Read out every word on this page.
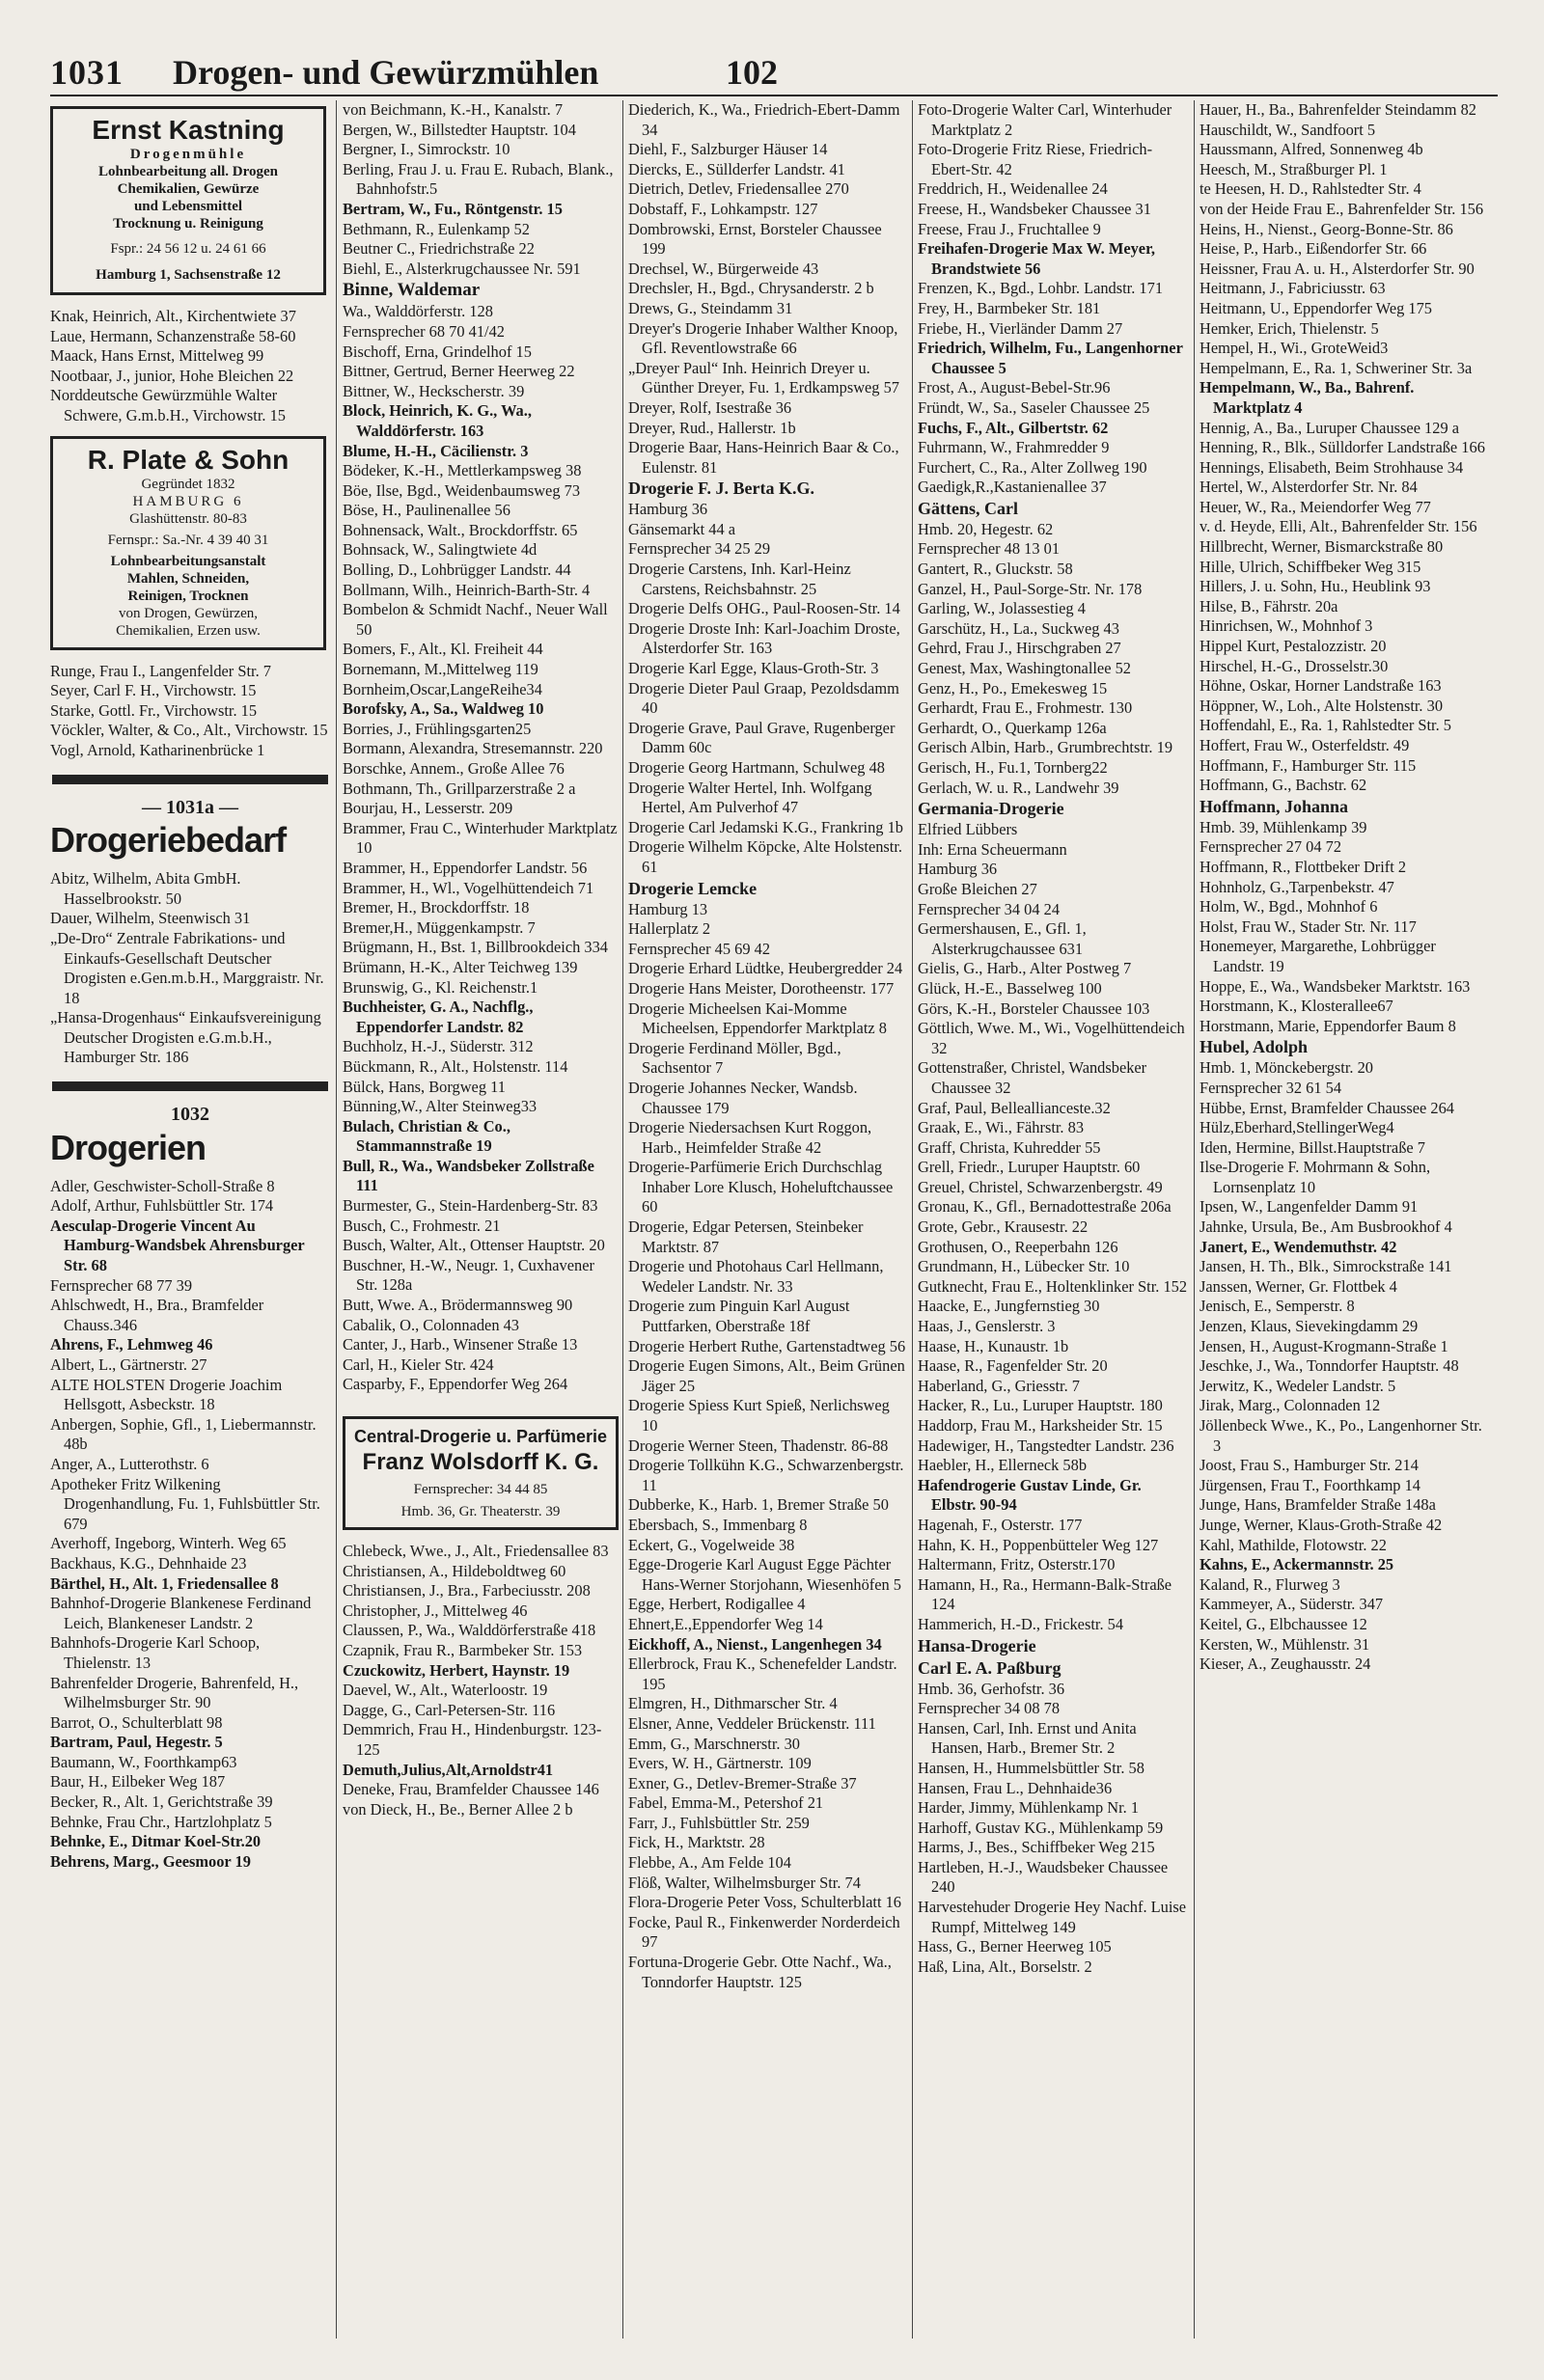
1031 Drogen- und Gewürzmühlen	102
Ernst Kastning
Drogenmühle
Lohnbearbeitung all. Drogen
Chemikalien, Gewürze
und Lebensmittel
Trocknung u. Reinigung
Fspr.: 24 56 12 u. 24 61 66
Hamburg 1, Sachsenstraße 12
Knak, Heinrich, Alt., Kirchentwiete 37
Laue, Hermann, Schanzenstraße 58-60
Maack, Hans Ernst, Mittelweg 99
Nootbaar, J., junior, Hohe Bleichen 22
Norddeutsche Gewürzmühle Walter Schwere, G.m.b.H., Virchowstr. 15
R. Plate & Sohn
Gegründet 1832
HAMBURG 6
Glashüttenstr. 80-83
Fernspr.: Sa.-Nr. 4 39 40 31
Lohnbearbeitungsanstalt
Mahlen, Schneiden,
Reinigen, Trocknen
von Drogen, Gewürzen,
Chemikalien, Erzen usw.
Runge, Frau I., Langenfelder Str. 7
Seyer, Carl F. H., Virchowstr. 15
Starke, Gottl. Fr., Virchowstr. 15
Vöckler, Walter, & Co., Alt., Virchowstr. 15
Vogl, Arnold, Katharinenbrücke 1
— 1031a —
Drogeriebedarf
Abitz, Wilhelm, Abita GmbH. Hasselbrookstr. 50
Dauer, Wilhelm, Steenwisch 31
„De-Dro“ Zentrale Fabrikations- und Einkaufs-Gesellschaft Deutscher Drogisten e.Gen.m.b.H., Marggraistr. Nr. 18
„Hansa-Drogenhaus“ Einkaufsvereinigung Deutscher Drogisten e.G.m.b.H., Hamburger Str. 186
1032
Drogerien
Adler, Geschwister-Scholl-Straße 8
Adolf, Arthur, Fuhlsbüttler Str. 174
Aesculap-Drogerie Vincent Au Hamburg-Wandsbek Ahrensburger Str. 68
Fernsprecher 68 77 39
Ahlschwedt, H., Bra., Bramfelder Chauss.346
Ahrens, F., Lehmweg 46
Albert, L., Gärtnerstr. 27
ALTE HOLSTEN Drogerie Joachim Hellsgott, Asbeckstr. 18
Anbergen, Sophie, Gfl., 1, Liebermannstr. 48b
Anger, A., Lutterothstr. 6
Apotheker Fritz Wilkening Drogenhandlung, Fu. 1, Fuhlsbüttler Str. 679
Averhoff, Ingeborg, Winterh. Weg 65
Backhaus, K.G., Dehnhaide 23
Bärthel, H., Alt. 1, Friedensallee 8
Bahnhof-Drogerie Blankenese Ferdinand Leich, Blankeneser Landstr. 2
Bahnhofs-Drogerie Karl Schoop, Thielenstr. 13
Bahrenfelder Drogerie, Bahrenfeld, H., Wilhelmsburger Str. 90
Barrot, O., Schulterblatt 98
Bartram, Paul, Hegestr. 5
Baumann, W., Foorthkamp63
Baur, H., Eilbeker Weg 187
Becker, R., Alt. 1, Gerichtstraße 39
Behnke, Frau Chr., Hartzlohplatz 5
Behnke, E., Ditmar Koel-Str.20
Behrens, Marg., Geesmoor 19
von Beichmann, K.-H., Kanalstr. 7
Bergen, W., Billstedter Hauptstr. 104
Bergner, I., Simrockstr. 10
Berling, Frau J. u. Frau E. Rubach, Blank., Bahnhofstr.5
Bertram, W., Fu., Röntgenstr. 15
Bethmann, R., Eulenkamp 52
Beutner C., Friedrichstraße 22
Biehl, E., Alsterkrugchaussee Nr. 591
Binne, Waldemar
Wa., Walddörferstr. 128
Fernsprecher 68 70 41/42
Bischoff, Erna, Grindelhof 15
Bittner, Gertrud, Berner Heerweg 22
Bittner, W., Heckscherstr. 39
Block, Heinrich, K. G., Wa., Walddörferstr. 163
Blume, H.-H., Cäcilienstr. 3
Bödeker, K.-H., Mettlerkampsweg 38
Böe, Ilse, Bgd., Weidenbaumsweg 73
Böse, H., Paulinenallee 56
Bohnensack, Walt., Brockdorffstr. 65
Bohnsack, W., Salingtwiete 4d
Bolling, D., Lohbrügger Landstr. 44
Bollmann, Wilh., Heinrich-Barth-Str. 4
Bombelon & Schmidt Nachf., Neuer Wall 50
Bomers, F., Alt., Kl. Freiheit 44
Bornemann, M.,Mittelweg 119
Bornheim,Oscar,LangeReihe34
Borofsky, A., Sa., Waldweg 10
Borries, J., Frühlingsgarten25
Bormann, Alexandra, Stresemannstr. 220
Borschke, Annem., Große Allee 76
Bothmann, Th., Grillparzerstraße 2 a
Bourjau, H., Lesserstr. 209
Brammer, Frau C., Winterhuder Marktplatz 10
Brammer, H., Eppendorfer Landstr. 56
Brammer, H., Wl., Vogelhüttendeich 71
Bremer, H., Brockdorffstr. 18
Bremer,H., Müggenkampstr. 7
Brügmann, H., Bst. 1, Billbrookdeich 334
Brümann, H.-K., Alter Teichweg 139
Brunswig, G., Kl. Reichenstr.1
Buchheister, G. A., Nachflg., Eppendorfer Landstr. 82
Buchholz, H.-J., Süderstr. 312
Bückmann, R., Alt., Holstenstr. 114
Bülck, Hans, Borgweg 11
Bünning,W., Alter Steinweg33
Bulach, Christian & Co., Stammannstraße 19
Bull, R., Wa., Wandsbeker Zollstraße 111
Burmester, G., Stein-Hardenberg-Str. 83
Busch, C., Frohmestr. 21
Busch, Walter, Alt., Ottenser Hauptstr. 20
Buschner, H.-W., Neugr. 1, Cuxhavener Str. 128a
Butt, Wwe. A., Brödermannsweg 90
Cabalik, O., Colonnaden 43
Canter, J., Harb., Winsener Straße 13
Carl, H., Kieler Str. 424
Casparby, F., Eppendorfer Weg 264
Central-Drogerie u. Parfümerie
Franz Wolsdorff K. G.
Fernsprecher: 34 44 85
Hmb. 36, Gr. Theaterstr. 39
Chlebeck, Wwe., J., Alt., Friedensallee 83
Christiansen, A., Hildeboldtweg 60
Christiansen, J., Bra., Farbeciusstr. 208
Christopher, J., Mittelweg 46
Claussen, P., Wa., Walddörferstraße 418
Czapnik, Frau R., Barmbeker Str. 153
Czuckowitz, Herbert, Haynstr. 19
Daevel, W., Alt., Waterloostr. 19
Dagge, G., Carl-Petersen-Str. 116
Demmrich, Frau H., Hindenburgstr. 123-125
Demuth,Julius,Alt,Arnoldstr41
Deneke, Frau, Bramfelder Chaussee 146
von Dieck, H., Be., Berner Allee 2 b
Diederich, K., Wa., Friedrich-Ebert-Damm 34
Diehl, F., Salzburger Häuser 14
Diercks, E., Süllderfer Landstr. 41
Dietrich, Detlev, Friedensallee 270
Dobstaff, F., Lohkampstr. 127
Dombrowski, Ernst, Borsteler Chaussee 199
Drechsel, W., Bürgerweide 43
Drechsler, H., Bgd., Chrysanderstr. 2 b
Drews, G., Steindamm 31
Dreyer's Drogerie Inhaber Walther Knoop, Gfl. Reventlowstraße 66
„Dreyer Paul“ Inh. Heinrich Dreyer u. Günther Dreyer, Fu. 1, Erdkampsweg 57
Dreyer, Rolf, Isestraße 36
Dreyer, Rud., Hallerstr. 1b
Drogerie Baar, Hans-Heinrich Baar & Co., Eulenstr. 81
Drogerie F. J. Berta K.G.
Hamburg 36
Gänsemarkt 44 a
Fernsprecher 34 25 29
Drogerie Carstens, Inh. Karl-Heinz Carstens, Reichsbahnstr. 25
Drogerie Delfs OHG., Paul-Roosen-Str. 14
Drogerie Droste Inh: Karl-Joachim Droste, Alsterdorfer Str. 163
Drogerie Karl Egge, Klaus-Groth-Str. 3
Drogerie Dieter Paul Graap, Pezoldsdamm 40
Drogerie Grave, Paul Grave, Rugenberger Damm 60c
Drogerie Georg Hartmann, Schulweg 48
Drogerie Walter Hertel, Inh. Wolfgang Hertel, Am Pulverhof 47
Drogerie Carl Jedamski K.G., Frankring 1b
Drogerie Wilhelm Köpcke, Alte Holstenstr. 61
Drogerie Lemcke
Hamburg 13
Hallerplatz 2
Fernsprecher 45 69 42
Drogerie Erhard Lüdtke, Heubergredder 24
Drogerie Hans Meister, Dorotheenstr. 177
Drogerie Micheelsen Kai-Momme Micheelsen, Eppendorfer Marktplatz 8
Drogerie Ferdinand Möller, Bgd., Sachsentor 7
Drogerie Johannes Necker, Wandsb. Chaussee 179
Drogerie Niedersachsen Kurt Roggon, Harb., Heimfelder Straße 42
Drogerie-Parfümerie Erich Durchschlag Inhaber Lore Klusch, Hoheluftchaussee 60
Drogerie, Edgar Petersen, Steinbeker Marktstr. 87
Drogerie und Photohaus Carl Hellmann, Wedeler Landstr. Nr. 33
Drogerie zum Pinguin Karl August Puttfarken, Oberstraße 18f
Drogerie Herbert Ruthe, Gartenstadtweg 56
Drogerie Eugen Simons, Alt., Beim Grünen Jäger 25
Drogerie Spiess Kurt Spieß, Nerlichsweg 10
Drogerie Werner Steen, Thadenstr. 86-88
Drogerie Tollkühn K.G., Schwarzenbergstr. 11
Dubberke, K., Harb. 1, Bremer Straße 50
Ebersbach, S., Immenbarg 8
Eckert, G., Vogelweide 38
Egge-Drogerie Karl August Egge Pächter Hans-Werner Storjohann, Wiesenhöfen 5
Egge, Herbert, Rodigallee 4
Ehnert,E.,Eppendorfer Weg 14
Eickhoff, A., Nienst., Langenhegen 34
Ellerbrock, Frau K., Schenefelder Landstr. 195
Elmgren, H., Dithmarscher Str. 4
Elsner, Anne, Veddeler Brückenstr. 111
Emm, G., Marschnerstr. 30
Evers, W. H., Gärtnerstr. 109
Exner, G., Detlev-Bremer-Straße 37
Fabel, Emma-M., Petershof 21
Farr, J., Fuhlsbüttler Str. 259
Fick, H., Marktstr. 28
Flebbe, A., Am Felde 104
Flöß, Walter, Wilhelmsburger Str. 74
Flora-Drogerie Peter Voss, Schulterblatt 16
Focke, Paul R., Finkenwerder Norderdeich 97
Fortuna-Drogerie Gebr. Otte Nachf., Wa., Tonndorfer Hauptstr. 125
Foto-Drogerie Walter Carl, Winterhuder Marktplatz 2
Foto-Drogerie Fritz Riese, Friedrich-Ebert-Str. 42
Freddrich, H., Weidenallee 24
Freese, H., Wandsbeker Chaussee 31
Freese, Frau J., Fruchtallee 9
Freihafen-Drogerie Max W. Meyer, Brandstwiete 56
Frenzen, K., Bgd., Lohbr. Landstr. 171
Frey, H., Barmbeker Str. 181
Friebe, H., Vierländer Damm 27
Friedrich, Wilhelm, Fu., Langenhorner Chaussee 5
Frost, A., August-Bebel-Str.96
Fründt, W., Sa., Saseler Chaussee 25
Fuchs, F., Alt., Gilbertstr. 62
Fuhrmann, W., Frahmredder 9
Furchert, C., Ra., Alter Zollweg 190
Gaedigk,R.,Kastanienallee 37
Gättens, Carl
Hmb. 20, Hegestr. 62
Fernsprecher 48 13 01
Gantert, R., Gluckstr. 58
Ganzel, H., Paul-Sorge-Str. Nr. 178
Garling, W., Jolassestieg 4
Garschütz, H., La., Suckweg 43
Gehrd, Frau J., Hirschgraben 27
Genest, Max, Washingtonallee 52
Genz, H., Po., Emekesweg 15
Gerhardt, Frau E., Frohmestr. 130
Gerhardt, O., Querkamp 126a
Gerisch Albin, Harb., Grumbrechtstr. 19
Gerisch, H., Fu.1, Tornberg22
Gerlach, W. u. R., Landwehr 39
Germania-Drogerie
Elfried Lübbers
Inh: Erna Scheuermann
Hamburg 36
Große Bleichen 27
Fernsprecher 34 04 24
Germershausen, E., Gfl. 1, Alsterkrugchaussee 631
Gielis, G., Harb., Alter Postweg 7
Glück, H.-E., Basselweg 100
Görs, K.-H., Borsteler Chaussee 103
Göttlich, Wwe. M., Wi., Vogelhüttendeich 32
Gottenstraßer, Christel, Wandsbeker Chaussee 32
Graf, Paul, Belleallianceste.32
Graak, E., Wi., Fährstr. 83
Graff, Christa, Kuhredder 55
Grell, Friedr., Luruper Hauptstr. 60
Greuel, Christel, Schwarzenbergstr. 49
Gronau, K., Gfl., Bernadottestraße 206a
Grote, Gebr., Krausestr. 22
Grothusen, O., Reeperbahn 126
Grundmann, H., Lübecker Str. 10
Gutknecht, Frau E., Holtenklinker Str. 152
Haacke, E., Jungfernstieg 30
Haas, J., Genslerstr. 3
Haase, H., Kunaustr. 1b
Haase, R., Fagenfelder Str. 20
Haberland, G., Griesstr. 7
Hacker, R., Lu., Luruper Hauptstr. 180
Haddorp, Frau M., Harksheider Str. 15
Hadewiger, H., Tangstedter Landstr. 236
Haebler, H., Ellerneck 58b
Hafendrogerie Gustav Linde, Gr. Elbstr. 90-94
Hagenah, F., Osterstr. 177
Hahn, K. H., Poppenbütteler Weg 127
Haltermann, Fritz, Osterstr.170
Hamann, H., Ra., Hermann-Balk-Straße 124
Hammerich, H.-D., Frickestr. 54
Hansa-Drogerie
Carl E. A. Paßburg
Hmb. 36, Gerhofstr. 36
Fernsprecher 34 08 78
Hansen, Carl, Inh. Ernst und Anita Hansen, Harb., Bremer Str. 2
Hansen, H., Hummelsbüttler Str. 58
Hansen, Frau L., Dehnhaide36
Harder, Jimmy, Mühlenkamp Nr. 1
Harhoff, Gustav KG., Mühlenkamp 59
Harms, J., Bes., Schiffbeker Weg 215
Hartleben, H.-J., Waudsbeker Chaussee 240
Harvestehuder Drogerie Hey Nachf. Luise Rumpf, Mittelweg 149
Hass, G., Berner Heerweg 105
Haß, Lina, Alt., Borselstr. 2
Hauer, H., Ba., Bahrenfelder Steindamm 82
Hauschildt, W., Sandfoort 5
Haussmann, Alfred, Sonnenweg 4b
Heesch, M., Straßburger Pl. 1
te Heesen, H. D., Rahlstedter Str. 4
von der Heide Frau E., Bahrenfelder Str. 156
Heins, H., Nienst., Georg-Bonne-Str. 86
Heise, P., Harb., Eißendorfer Str. 66
Heissner, Frau A. u. H., Alsterdorfer Str. 90
Heitmann, J., Fabriciusstr. 63
Heitmann, U., Eppendorfer Weg 175
Hemker, Erich, Thielenstr. 5
Hempel, H., Wi., GroteWeid3
Hempelmann, E., Ra. 1, Schweriner Str. 3a
Hempelmann, W., Ba., Bahrenf. Marktplatz 4
Hennig, A., Ba., Luruper Chaussee 129 a
Henning, R., Blk., Sülldorfer Landstraße 166
Hennings, Elisabeth, Beim Strohhause 34
Hertel, W., Alsterdorfer Str. Nr. 84
Heuer, W., Ra., Meiendorfer Weg 77
v. d. Heyde, Elli, Alt., Bahrenfelder Str. 156
Hillbrecht, Werner, Bismarckstraße 80
Hille, Ulrich, Schiffbeker Weg 315
Hillers, J. u. Sohn, Hu., Heublink 93
Hilse, B., Fährstr. 20a
Hinrichsen, W., Mohnhof 3
Hippel Kurt, Pestalozzistr. 20
Hirschel, H.-G., Drosselstr.30
Höhne, Oskar, Horner Landstraße 163
Höppner, W., Loh., Alte Holstenstr. 30
Hoffendahl, E., Ra. 1, Rahlstedter Str. 5
Hoffert, Frau W., Osterfeldstr. 49
Hoffmann, F., Hamburger Str. 115
Hoffmann, G., Bachstr. 62
Hoffmann, Johanna
Hmb. 39, Mühlenkamp 39
Fernsprecher 27 04 72
Hoffmann, R., Flottbeker Drift 2
Hohnholz, G.,Tarpenbekstr. 47
Holm, W., Bgd., Mohnhof 6
Holst, Frau W., Stader Str. Nr. 117
Honemeyer, Margarethe, Lohbrügger Landstr. 19
Hoppe, E., Wa., Wandsbeker Marktstr. 163
Horstmann, K., Klosterallee67
Horstmann, Marie, Eppendorfer Baum 8
Hubel, Adolph
Hmb. 1, Mönckebergstr. 20
Fernsprecher 32 61 54
Hübbe, Ernst, Bramfelder Chaussee 264
Hülz,Eberhard,StellingerWeg4
Iden, Hermine, Billst.Hauptstraße 7
Ilse-Drogerie F. Mohrmann & Sohn, Lornsenplatz 10
Ipsen, W., Langenfelder Damm 91
Jahnke, Ursula, Be., Am Busbrookhof 4
Janert, E., Wendemuthstr. 42
Jansen, H. Th., Blk., Simrockstraße 141
Janssen, Werner, Gr. Flottbek 4
Jenisch, E., Semperstr. 8
Jenzen, Klaus, Sievekingdamm 29
Jensen, H., August-Krogmann-Straße 1
Jeschke, J., Wa., Tonndorfer Hauptstr. 48
Jerwitz, K., Wedeler Landstr. 5
Jirak, Marg., Colonnaden 12
Jöllenbeck Wwe., K., Po., Langenhorner Str. 3
Joost, Frau S., Hamburger Str. 214
Jürgensen, Frau T., Foorthkamp 14
Junge, Hans, Bramfelder Straße 148a
Junge, Werner, Klaus-Groth-Straße 42
Kahl, Mathilde, Flotowstr. 22
Kahns, E., Ackermannstr. 25
Kaland, R., Flurweg 3
Kammeyer, A., Süderstr. 347
Keitel, G., Elbchaussee 12
Kersten, W., Mühlenstr. 31
Kieser, A., Zeughausstr. 24
